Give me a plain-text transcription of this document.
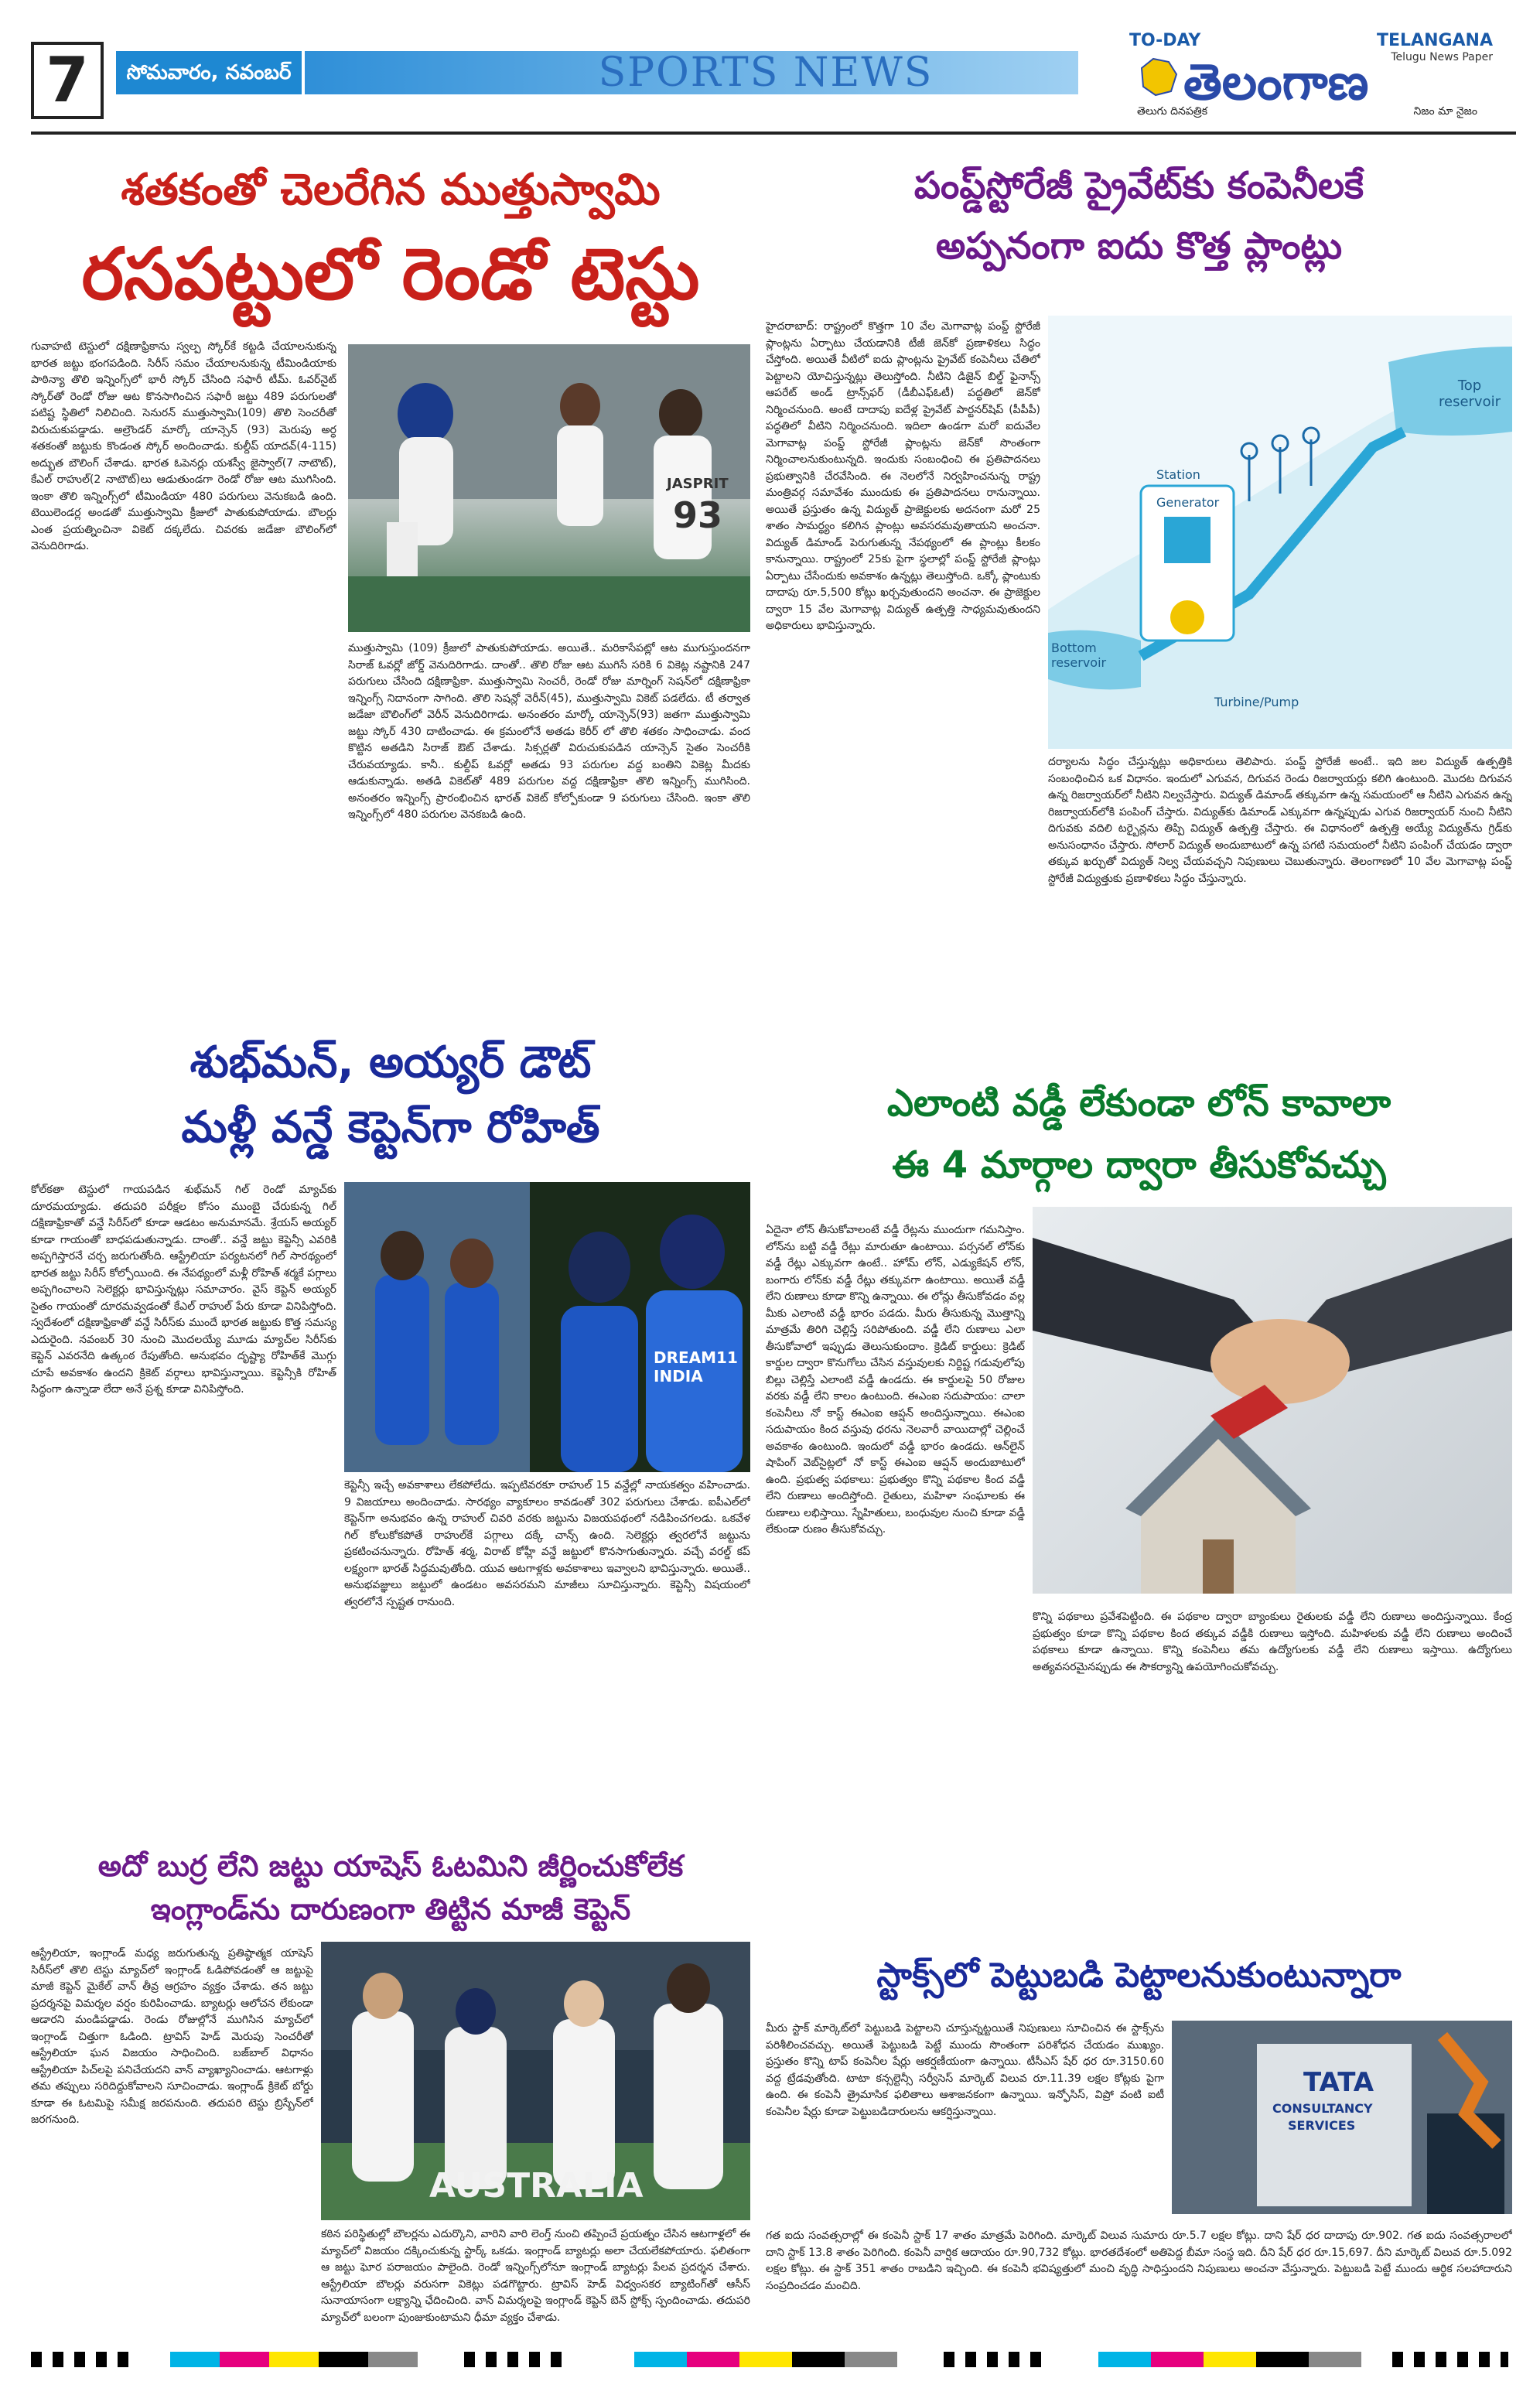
7	సోమవారం, నవంబర్ 24 2025
SPORTS NEWS
TO-DAY	TELANGANA
Telugu News Paper
తెలంగాణ
తెలుగు దినపత్రిక	నిజం మా నైజం
శతకంతో చెలరేగిన ముత్తుస్వామి
రసపట్టులో రెండో టెస్టు
గువాహటి టెస్టులో దక్షిణాఫ్రికాను స్వల్ప స్కోర్‌కే కట్టడి చేయాలనుకున్న భారత జట్టు భంగపడింది. సిరీస్ సమం చేయాలనుకున్న టీమిండియాకు పాఠిన్యా తొలి ఇన్నింగ్స్‌లో భారీ స్కోర్ చేసింది సఫారీ టీమ్. ఓవర్‌నైట్ స్కోర్‌తో రెండో రోజు ఆట కొనసాగించిన సఫారీ జట్టు 489 పరుగులతో పటిష్ట స్థితిలో నిలిచింది. సెనురన్ ముత్తుస్వామి(109) తొలి సెంచరీతో విరుచుకుపడ్డాడు. అల్రౌండర్ మార్కో యాన్సెన్ (93) మెరుపు అర్ధ శతకంతో జట్టుకు కొండంత స్కోర్ అందించాడు. కుల్దీప్ యాదవ్(4-115) అద్భుత బౌలింగ్ చేశాడు. భారత ఓపెనర్లు యశస్వీ జైస్వాల్(7 నాటౌట్), కేఎల్ రాహుల్(2 నాటౌట్)లు ఆడుతుండగా రెండో రోజు ఆట ముగిసింది. ఇంకా తొలి ఇన్నింగ్స్‌లో టీమిండియా 480 పరుగులు వెనుకబడి ఉంది. టెయిలెండర్ల అండతో ముత్తుస్వామి క్రీజులో పాతుకుపోయాడు. బౌలర్లు ఎంత ప్రయత్నించినా వికెట్ దక్కలేదు. చివరకు జడేజా బౌలింగ్‌లో వెనుదిరిగాడు.
JASPRIT
93
ముత్తుస్వామి (109) క్రీజులో పాతుకుపోయాడు. అయితే.. మరికాసేపట్లో ఆట ముగుస్తుందనగా సిరాజ్ ఓవర్లో జోర్డ్ వెనుదిరిగాడు. దాంతో.. తొలి రోజు ఆట ముగిసే సరికి 6 వికెట్ల నష్టానికి 247 పరుగులు చేసింది దక్షిణాఫ్రికా. ముత్తుస్వామి సెంచరీ, రెండో రోజు మార్నింగ్ సెషన్‌లో దక్షిణాఫ్రికా ఇన్నింగ్స్ నిదానంగా సాగింది. తొలి సెషన్లో వెరీన్(45), ముత్తుస్వామి వికెట్ పడలేదు. టీ తర్వాత జడేజా బౌలింగ్‌లో వెరీన్ వెనుదిరిగాడు. అనంతరం మార్కో యాన్సెన్(93) జతగా ముత్తుస్వామి జట్టు స్కోర్ 430 దాటించాడు. ఈ క్రమంలోనే అతడు కెరీర్ లో తొలి శతకం సాధించాడు. వంద కొట్టిన అతడిని సిరాజ్ ఔట్ చేశాడు. సిక్సర్లతో విరుచుకుపడిన యాన్సెన్ సైతం సెంచరీకి చేరువయ్యాడు. కానీ.. కుల్దీప్ ఓవర్లో అతడు 93 పరుగుల వద్ద బంతిని వికెట్ల మీదకు ఆడుకున్నాడు. అతడి వికెట్‌తో 489 పరుగుల వద్ద దక్షిణాఫ్రికా తొలి ఇన్నింగ్స్ ముగిసింది. అనంతరం ఇన్నింగ్స్ ప్రారంభించిన భారత్ వికెట్ కోల్పోకుండా 9 పరుగులు చేసింది. ఇంకా తొలి ఇన్నింగ్స్‌లో 480 పరుగుల వెనకబడి ఉంది.
పంప్డ్‌స్టోరేజీ ప్రైవేట్‌కు కంపెనీలకే
అప్పనంగా ఐదు కొత్త ప్లాంట్లు
హైదరాబాద్: రాష్ట్రంలో కొత్తగా 10 వేల మెగావాట్ల పంప్డ్ స్టోరేజీ ప్లాంట్లను ఏర్పాటు చేయడానికి టీజీ జెన్‌కో ప్రణాళికలు సిద్ధం చేస్తోంది. అయితే వీటిలో ఐదు ప్లాంట్లను ప్రైవేట్ కంపెనీలు చేతిలో పెట్టాలని యోచిస్తున్నట్లు తెలుస్తోంది. నీటిని డిజైన్ బిల్డ్ ఫైనాన్స్ ఆపరేట్ అండ్ ట్రాన్స్‌ఫర్ (డీబీఎఫ్‌ఓటీ) పద్ధతిలో జెన్‌కో నిర్మించనుంది. అంటే దాదాపు ఐదేళ్ల ప్రైవేట్ పార్టనర్‌షిప్ (పీపీపీ) పద్ధతిలో వీటిని నిర్మించనుంది. ఇదిలా ఉండగా మరో ఐదువేల మెగావాట్ల పంప్డ్ స్టోరేజీ ప్లాంట్లను జెన్‌కో సొంతంగా నిర్మించాలనుకుంటున్నది. ఇందుకు సంబంధించి ఈ ప్రతిపాదనలు ప్రభుత్వానికి చేరవేసింది. ఈ నెలలోనే నిర్వహించనున్న రాష్ట్ర మంత్రివర్గ సమావేశం ముందుకు ఈ ప్రతిపాదనలు రానున్నాయి. అయితే ప్రస్తుతం ఉన్న విద్యుత్ ప్రాజెక్టులకు అదనంగా మరో 25 శాతం సామర్థ్యం కలిగిన ప్లాంట్లు అవసరమవుతాయని అంచనా. విద్యుత్ డిమాండ్ పెరుగుతున్న నేపథ్యంలో ఈ ప్లాంట్లు కీలకం కానున్నాయి. రాష్ట్రంలో 25కు పైగా స్థలాల్లో పంప్డ్ స్టోరేజీ ప్లాంట్లు ఏర్పాటు చేసేందుకు అవకాశం ఉన్నట్లు తెలుస్తోంది. ఒక్కో ప్లాంటుకు దాదాపు రూ.5,500 కోట్లు ఖర్చవుతుందని అంచనా. ఈ ప్రాజెక్టుల ద్వారా 15 వేల మెగావాట్ల విద్యుత్ ఉత్పత్తి సాధ్యమవుతుందని అధికారులు భావిస్తున్నారు.
Top reservoir
Station
Generator
Bottom reservoir
Turbine/Pump
దర్యాలను సిద్ధం చేస్తున్నట్లు అధికారులు తెలిపారు. పంప్డ్ స్టోరేజీ అంటే.. ఇది జల విద్యుత్ ఉత్పత్తికి సంబంధించిన ఒక విధానం. ఇందులో ఎగువన, దిగువన రెండు రిజర్వాయర్లు కలిగి ఉంటుంది. మొదట దిగువన ఉన్న రిజర్వాయర్‌లో నీటిని నిల్వచేస్తారు. విద్యుత్ డిమాండ్ తక్కువగా ఉన్న సమయంలో ఆ నీటిని ఎగువన ఉన్న రిజర్వాయర్‌లోకి పంపింగ్ చేస్తారు. విద్యుత్‌కు డిమాండ్ ఎక్కువగా ఉన్నప్పుడు ఎగువ రిజర్వాయర్ నుంచి నీటిని దిగువకు వదిలి టర్బైన్లను తిప్పి విద్యుత్ ఉత్పత్తి చేస్తారు. ఈ విధానంలో ఉత్పత్తి అయ్యే విద్యుత్‌ను గ్రిడ్‌కు అనుసంధానం చేస్తారు. సోలార్ విద్యుత్ అందుబాటులో ఉన్న పగటి సమయంలో నీటిని పంపింగ్ చేయడం ద్వారా తక్కువ ఖర్చుతో విద్యుత్ నిల్వ చేయవచ్చని నిపుణులు చెబుతున్నారు. తెలంగాణలో 10 వేల మెగావాట్ల పంప్డ్ స్టోరేజీ విద్యుత్తుకు ప్రణాళికలు సిద్ధం చేస్తున్నారు.
శుభ్‌మన్, అయ్యర్ డౌట్
మళ్లీ వన్డే కెప్టెన్‌గా రోహిత్
కోల్‌కతా టెస్టులో గాయపడిన శుభ్‌మన్ గిల్ రెండో మ్యాచ్‌కు దూరమయ్యాడు. తదుపరి పరీక్షల కోసం ముంబై చేరుకున్న గిల్ దక్షిణాఫ్రికాతో వన్డే సిరీస్‌లో కూడా ఆడటం అనుమానమే. శ్రేయస్ అయ్యర్ కూడా గాయంతో బాధపడుతున్నాడు. దాంతో.. వన్డే జట్టు కెప్టెన్సీ ఎవరికి అప్పగిస్తారనే చర్చ జరుగుతోంది. ఆస్ట్రేలియా పర్యటనలో గిల్ సారథ్యంలో భారత జట్టు సిరీస్ కోల్పోయింది. ఈ నేపథ్యంలో మళ్లీ రోహిత్ శర్మకే పగ్గాలు అప్పగించాలని సెలెక్టర్లు భావిస్తున్నట్లు సమాచారం. వైస్ కెప్టెన్ అయ్యర్ సైతం గాయంతో దూరమవ్వడంతో కేఎల్ రాహుల్ పేరు కూడా వినిపిస్తోంది. స్వదేశంలో దక్షిణాఫ్రికాతో వన్డే సిరీస్‌కు ముందే భారత జట్టుకు కొత్త సమస్య ఎదురైంది. నవంబర్ 30 నుంచి మొదలయ్యే మూడు మ్యాచ్‌ల సిరీస్‌కు కెప్టెన్ ఎవరనేది ఉత్కంఠ రేపుతోంది. అనుభవం దృష్ట్యా రోహిత్‌కే మొగ్గు చూపే అవకాశం ఉందని క్రికెట్ వర్గాలు భావిస్తున్నాయి. కెప్టెన్సీకి రోహిత్ సిద్ధంగా ఉన్నాడా లేదా అనే ప్రశ్న కూడా వినిపిస్తోంది.
DREAM11 INDIA
కెప్టెన్సీ ఇచ్చే అవకాశాలు లేకపోలేదు. ఇప్పటివరకూ రాహుల్ 15 వన్డేల్లో నాయకత్వం వహించాడు. 9 విజయాలు అందించాడు. సారథ్యం వ్యాకూలం కావడంతో 302 పరుగులు చేశాడు. ఐపీఎల్‌లో కెప్టెన్‌గా అనుభవం ఉన్న రాహుల్ చివరి వరకు జట్టును విజయపథంలో నడిపించగలడు. ఒకవేళ గిల్ కోలుకోకపోతే రాహుల్‌కే పగ్గాలు దక్కే చాన్స్ ఉంది. సెలెక్టర్లు త్వరలోనే జట్టును ప్రకటించనున్నారు. రోహిత్ శర్మ, విరాట్ కోహ్లీ వన్డే జట్టులో కొనసాగుతున్నారు. వచ్చే వరల్డ్ కప్ లక్ష్యంగా భారత్ సిద్ధమవుతోంది. యువ ఆటగాళ్లకు అవకాశాలు ఇవ్వాలని భావిస్తున్నారు. అయితే.. అనుభవజ్ఞులు జట్టులో ఉండటం అవసరమని మాజీలు సూచిస్తున్నారు. కెప్టెన్సీ విషయంలో త్వరలోనే స్పష్టత రానుంది.
ఎలాంటి వడ్డీ లేకుండా లోన్ కావాలా
ఈ 4 మార్గాల ద్వారా తీసుకోవచ్చు
ఏదైనా లోన్ తీసుకోవాలంటే వడ్డీ రేట్లను ముందుగా గమనిస్తాం. లోన్‌ను బట్టి వడ్డీ రేట్లు మారుతూ ఉంటాయి. పర్సనల్ లోన్‌కు వడ్డీ రేట్లు ఎక్కువగా ఉంటే.. హోమ్ లోన్, ఎడ్యుకేషన్ లోన్, బంగారు లోన్‌కు వడ్డీ రేట్లు తక్కువగా ఉంటాయి. అయితే వడ్డీ లేని రుణాలు కూడా కొన్ని ఉన్నాయి. ఈ లోన్లు తీసుకోవడం వల్ల మీకు ఎలాంటి వడ్డీ భారం పడదు. మీరు తీసుకున్న మొత్తాన్ని మాత్రమే తిరిగి చెల్లిస్తే సరిపోతుంది. వడ్డీ లేని రుణాలు ఎలా తీసుకోవాలో ఇప్పుడు తెలుసుకుందాం. క్రెడిట్ కార్డులు: క్రెడిట్ కార్డుల ద్వారా కొనుగోలు చేసిన వస్తువులకు నిర్దిష్ట గడువులోపు బిల్లు చెల్లిస్తే ఎలాంటి వడ్డీ ఉండదు. ఈ కార్డులపై 50 రోజుల వరకు వడ్డీ లేని కాలం ఉంటుంది. ఈఎంఐ సదుపాయం: చాలా కంపెనీలు నో కాస్ట్ ఈఎంఐ ఆప్షన్ అందిస్తున్నాయి. ఈఎంఐ సదుపాయం కింద వస్తువు ధరను నెలవారీ వాయిదాల్లో చెల్లించే అవకాశం ఉంటుంది. ఇందులో వడ్డీ భారం ఉండదు. ఆన్‌లైన్ షాపింగ్ వెబ్‌సైట్లలో నో కాస్ట్ ఈఎంఐ ఆప్షన్ అందుబాటులో ఉంది. ప్రభుత్వ పథకాలు: ప్రభుత్వం కొన్ని పథకాల కింద వడ్డీ లేని రుణాలు అందిస్తోంది. రైతులు, మహిళా సంఘాలకు ఈ రుణాలు లభిస్తాయి. స్నేహితులు, బంధువుల నుంచి కూడా వడ్డీ లేకుండా రుణం తీసుకోవచ్చు.
కొన్ని పథకాలు ప్రవేశపెట్టింది. ఈ పథకాల ద్వారా బ్యాంకులు రైతులకు వడ్డీ లేని రుణాలు అందిస్తున్నాయి. కేంద్ర ప్రభుత్వం కూడా కొన్ని పథకాల కింద తక్కువ వడ్డీకి రుణాలు ఇస్తోంది. మహిళలకు వడ్డీ లేని రుణాలు అందించే పథకాలు కూడా ఉన్నాయి. కొన్ని కంపెనీలు తమ ఉద్యోగులకు వడ్డీ లేని రుణాలు ఇస్తాయి. ఉద్యోగులు అత్యవసరమైనప్పుడు ఈ సౌకర్యాన్ని ఉపయోగించుకోవచ్చు.
అదో బుర్ర లేని జట్టు యాషెస్ ఓటమిని జీర్ణించుకోలేక
ఇంగ్లాండ్‌ను దారుణంగా తిట్టిన మాజీ కెప్టెన్
ఆస్ట్రేలియా, ఇంగ్లాండ్ మధ్య జరుగుతున్న ప్రతిష్ఠాత్మక యాషెస్ సిరీస్‌లో తొలి టెస్టు మ్యాచ్‌లో ఇంగ్లాండ్ ఓడిపోవడంతో ఆ జట్టుపై మాజీ కెప్టెన్ మైకేల్ వాన్ తీవ్ర ఆగ్రహం వ్యక్తం చేశాడు. తన జట్టు ప్రదర్శనపై విమర్శల వర్షం కురిపించాడు. బ్యాటర్లు ఆలోచన లేకుండా ఆడారని మండిపడ్డాడు. రెండు రోజుల్లోనే ముగిసిన మ్యాచ్‌లో ఇంగ్లాండ్ చిత్తుగా ఓడింది. ట్రావిస్ హెడ్ మెరుపు సెంచరీతో ఆస్ట్రేలియా ఘన విజయం సాధించింది. బజ్‌బాల్ విధానం ఆస్ట్రేలియా పిచ్‌లపై పనిచేయదని వాన్ వ్యాఖ్యానించాడు. ఆటగాళ్లు తమ తప్పులు సరిదిద్దుకోవాలని సూచించాడు. ఇంగ్లాండ్ క్రికెట్ బోర్డు కూడా ఈ ఓటమిపై సమీక్ష జరపనుంది. తదుపరి టెస్టు బ్రిస్బేన్‌లో జరగనుంది.
AUSTRALIA
కఠిన పరిస్థితుల్లో బౌలర్లను ఎదుర్కొని, వారిని వారి లెంగ్త్ నుంచి తప్పించే ప్రయత్నం చేసిన ఆటగాళ్లలో ఈ మ్యాచ్‌లో విజయం దక్కించుకున్న స్టార్క్ ఒకడు. ఇంగ్లాండ్ బ్యాటర్లు అలా చేయలేకపోయారు. ఫలితంగా ఆ జట్టు ఘోర పరాజయం పాలైంది. రెండో ఇన్నింగ్స్‌లోనూ ఇంగ్లాండ్ బ్యాటర్లు పేలవ ప్రదర్శన చేశారు. ఆస్ట్రేలియా బౌలర్లు వరుసగా వికెట్లు పడగొట్టారు. ట్రావిస్ హెడ్ విధ్వంసకర బ్యాటింగ్‌తో ఆసీస్ సునాయాసంగా లక్ష్యాన్ని ఛేదించింది. వాన్ విమర్శలపై ఇంగ్లాండ్ కెప్టెన్ బెన్ స్టోక్స్ స్పందించాడు. తదుపరి మ్యాచ్‌లో బలంగా పుంజుకుంటామని ధీమా వ్యక్తం చేశాడు.
స్టాక్స్‌లో పెట్టుబడి పెట్టాలనుకుంటున్నారా
మీరు స్టాక్ మార్కెట్‌లో పెట్టుబడి పెట్టాలని చూస్తున్నట్టయితే నిపుణులు సూచించిన ఈ స్టాక్స్‌ను పరిశీలించవచ్చు. అయితే పెట్టుబడి పెట్టే ముందు సొంతంగా పరిశోధన చేయడం ముఖ్యం. ప్రస్తుతం కొన్ని టాప్ కంపెనీల షేర్లు ఆకర్షణీయంగా ఉన్నాయి. టీసీఎస్ షేర్ ధర రూ.3150.60 వద్ద ట్రేడవుతోంది. టాటా కన్సల్టెన్సీ సర్వీసెస్ మార్కెట్ విలువ రూ.11.39 లక్షల కోట్లకు పైగా ఉంది. ఈ కంపెనీ త్రైమాసిక ఫలితాలు ఆశాజనకంగా ఉన్నాయి. ఇన్ఫోసిస్, విప్రో వంటి ఐటీ కంపెనీల షేర్లు కూడా పెట్టుబడిదారులను ఆకర్షిస్తున్నాయి.
TATA
CONSULTANCY
SERVICES
గత ఐదు సంవత్సరాల్లో ఈ కంపెనీ స్టాక్ 17 శాతం మాత్రమే పెరిగింది. మార్కెట్ విలువ సుమారు రూ.5.7 లక్షల కోట్లు. దాని షేర్ ధర దాదాపు రూ.902. గత ఐదు సంవత్సరాలలో దాని స్టాక్ 13.8 శాతం పెరిగింది. కంపెనీ వార్షిక ఆదాయం రూ.90,732 కోట్లు. భారతదేశంలో అతిపెద్ద బీమా సంస్థ ఇది. దీని షేర్ ధర రూ.15,697. దీని మార్కెట్ విలువ రూ.5.092 లక్షల కోట్లు. ఈ స్టాక్ 351 శాతం రాబడిని ఇచ్చింది. ఈ కంపెనీ భవిష్యత్తులో మంచి వృద్ధి సాధిస్తుందని నిపుణులు అంచనా వేస్తున్నారు. పెట్టుబడి పెట్టే ముందు ఆర్థిక సలహాదారుని సంప్రదించడం మంచిది.
